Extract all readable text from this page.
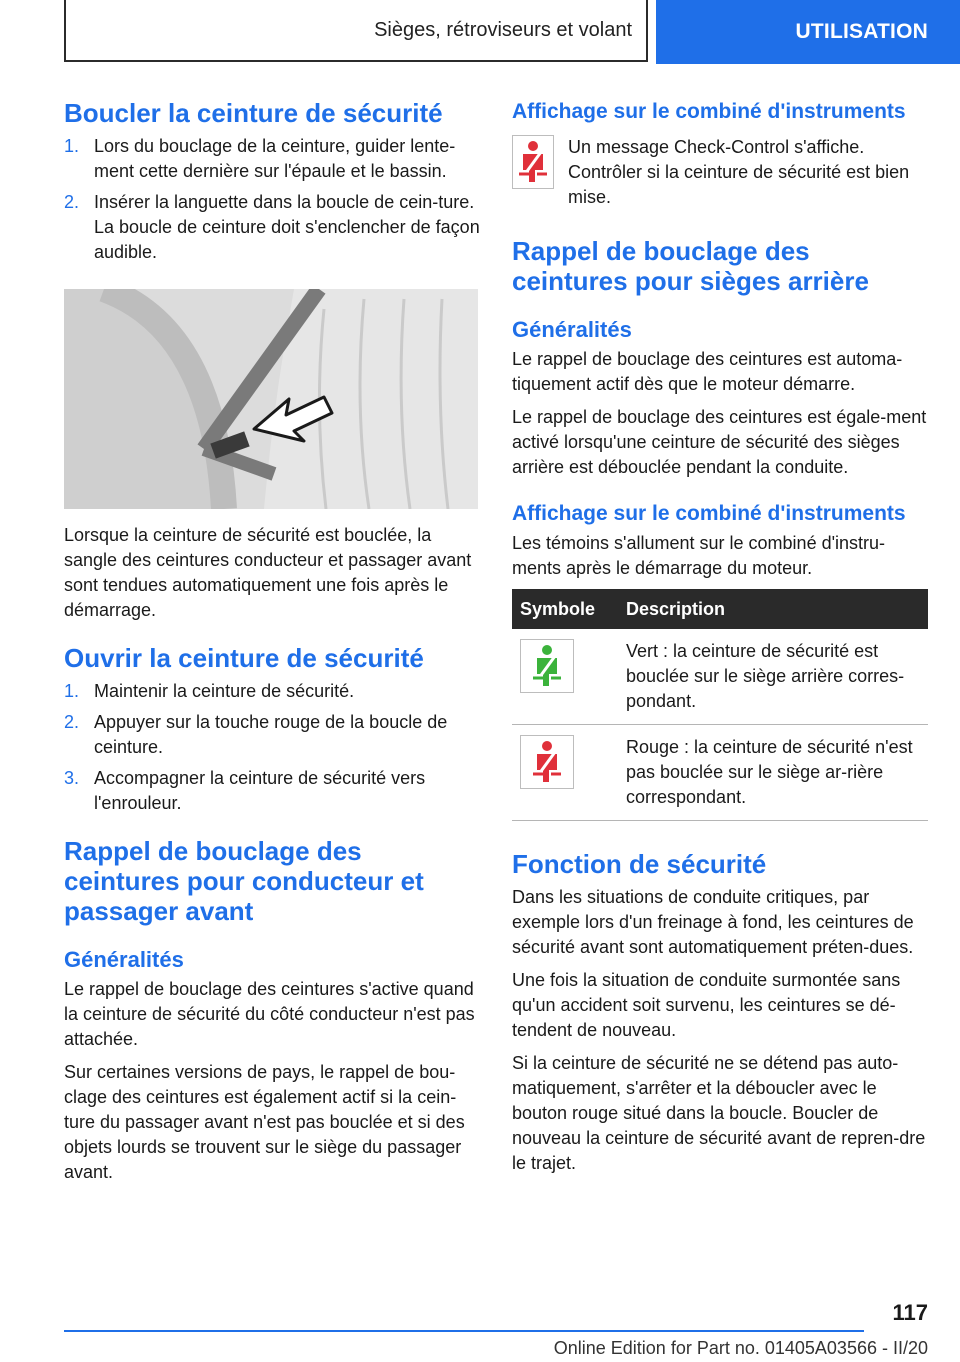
Sièges, rétroviseurs et volant	UTILISATION
Boucler la ceinture de sécurité
1. Lors du bouclage de la ceinture, guider lente-ment cette dernière sur l'épaule et le bassin.
2. Insérer la languette dans la boucle de cein-ture. La boucle de ceinture doit s'enclencher de façon audible.

Lorsque la ceinture de sécurité est bouclée, la sangle des ceintures conducteur et passager avant sont tendues automatiquement une fois après le démarrage.

Ouvrir la ceinture de sécurité
1. Maintenir la ceinture de sécurité.
2. Appuyer sur la touche rouge de la boucle de ceinture.
3. Accompagner la ceinture de sécurité vers l'enrouleur.
Rappel de bouclage des ceintures pour conducteur et passager avant
Généralités

Le rappel de bouclage des ceintures s'active quand la ceinture de sécurité du côté conducteur n'est pas attachée.

Sur certaines versions de pays, le rappel de bou-clage des ceintures est également actif si la cein-ture du passager avant n'est pas bouclée et si des objets lourds se trouvent sur le siège du passager avant.

Affichage sur le combiné d'instruments

Un message Check-Control s'affiche. Contrôler si la ceinture de sécurité est bien mise.

Rappel de bouclage des ceintures pour sièges arrière
Généralités

Le rappel de bouclage des ceintures est automa-tiquement actif dès que le moteur démarre.

Le rappel de bouclage des ceintures est égale-ment activé lorsqu'une ceinture de sécurité des sièges arrière est débouclée pendant la conduite.

Affichage sur le combiné d'instruments

Les témoins s'allument sur le combiné d'instru-ments après le démarrage du moteur.

Symbole	Description

	Vert : la ceinture de sécurité est bouclée sur le siège arrière corres-pondant.

	Rouge : la ceinture de sécurité n'est pas bouclée sur le siège ar-rière correspondant.
Fonction de sécurité

Dans les situations de conduite critiques, par exemple lors d'un freinage à fond, les ceintures de sécurité avant sont automatiquement préten-dues.

Une fois la situation de conduite surmontée sans qu'un accident soit survenu, les ceintures se dé-tendent de nouveau.

Si la ceinture de sécurité ne se détend pas auto-matiquement, s'arrêter et la déboucler avec le bouton rouge situé dans la boucle. Boucler de nouveau la ceinture de sécurité avant de repren-dre le trajet.

117
Online Edition for Part no. 01405A03566 - II/20
